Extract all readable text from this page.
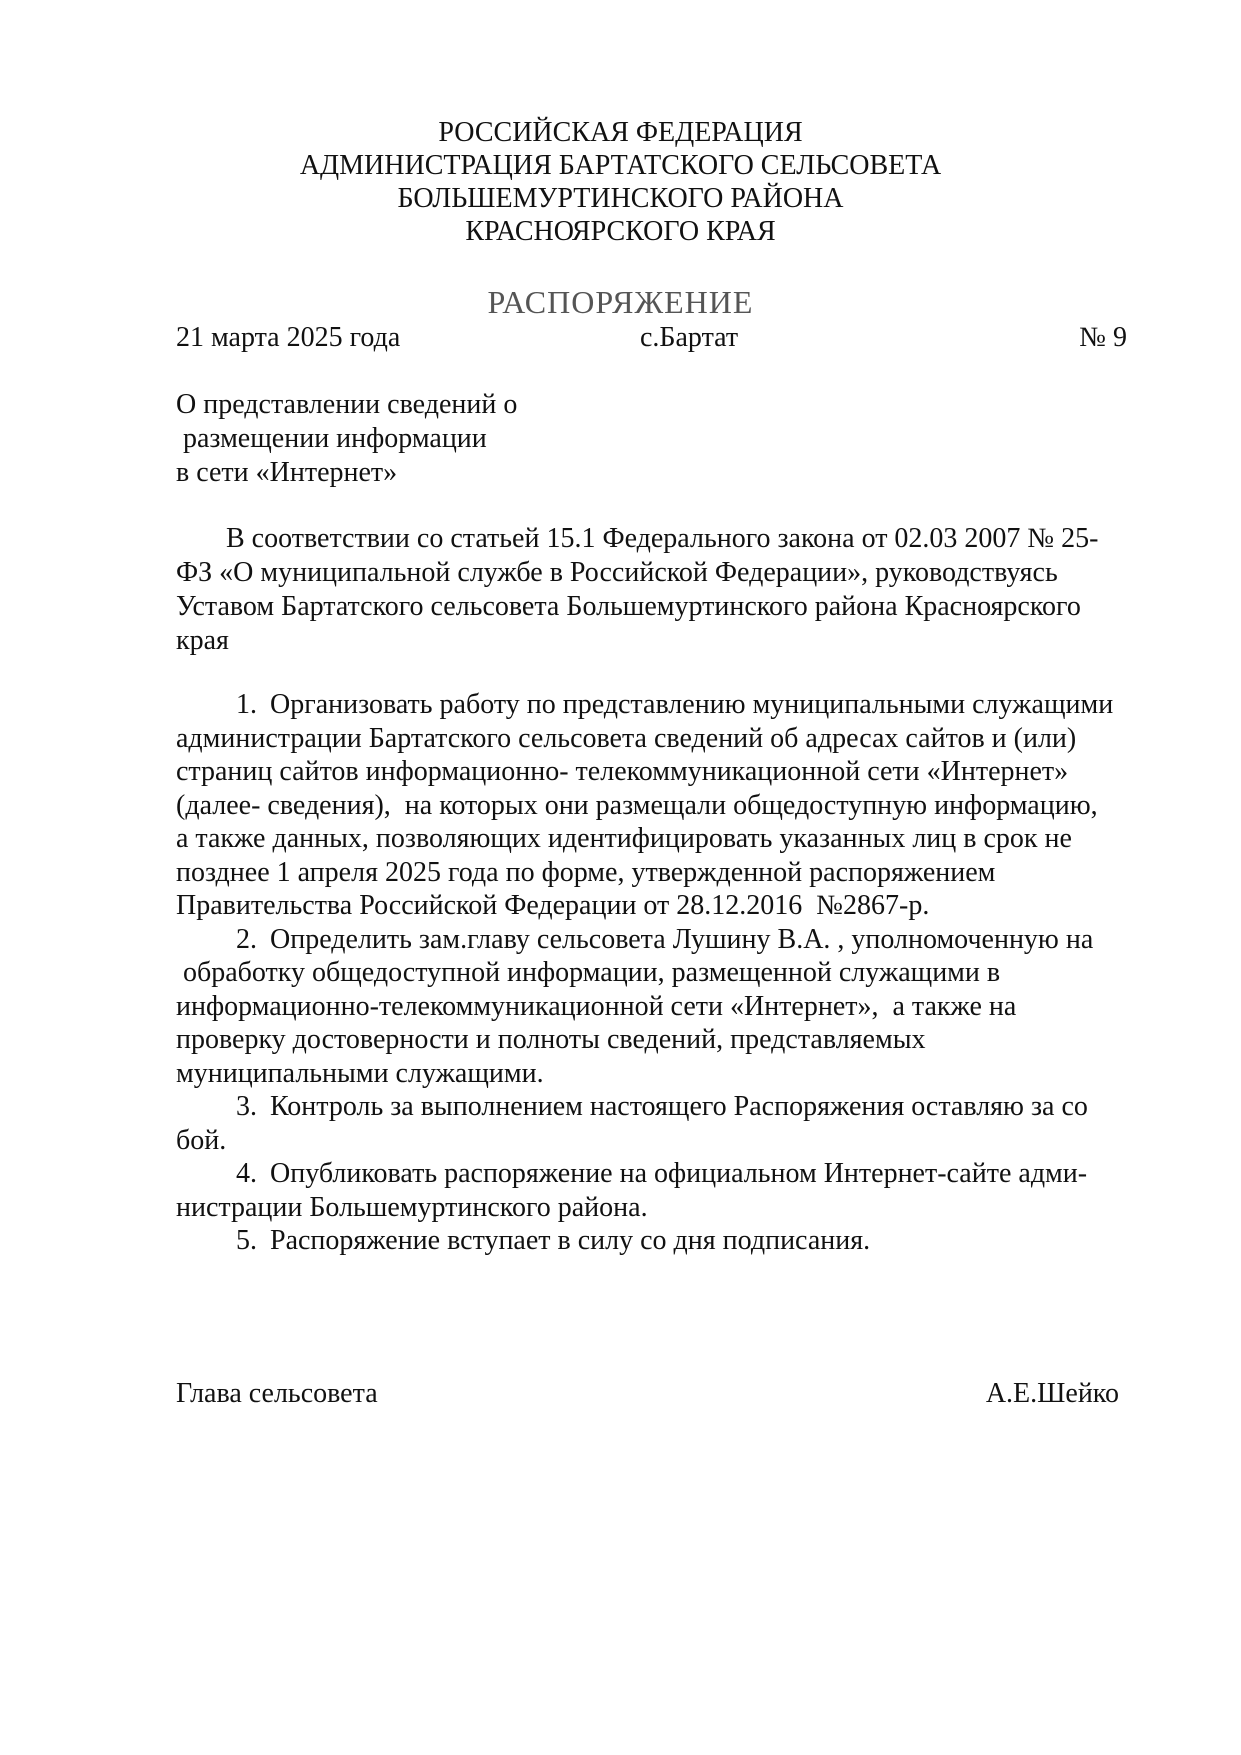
РОССИЙСКАЯ ФЕДЕРАЦИЯ
АДМИНИСТРАЦИЯ БАРТАТСКОГО СЕЛЬСОВЕТА
БОЛЬШЕМУРТИНСКОГО РАЙОНА
КРАСНОЯРСКОГО КРАЯ
РАСПОРЯЖЕНИЕ
21 марта 2025 года	с.Бартат	№ 9
О представлении сведений о
размещении информации
в сети «Интернет»
В соответствии со статьей 15.1 Федерального закона от 02.03 2007 № 25-
ФЗ «О муниципальной службе в Российской Федерации», руководствуясь
Уставом Бартатского сельсовета Большемуртинского района Красноярского
края
1. Организовать работу по представлению муниципальными служащими
администрации Бартатского сельсовета сведений об адресах сайтов и (или)
страниц сайтов информационно- телекоммуникационной сети «Интернет»
(далее- сведения),  на которых они размещали общедоступную информацию,
а также данных, позволяющих идентифицировать указанных лиц в срок не
позднее 1 апреля 2025 года по форме, утвержденной распоряжением
Правительства Российской Федерации от 28.12.2016  №2867-р.
2. Определить зам.главу сельсовета Лушину В.А. , уполномоченную на
обработку общедоступной информации, размещенной служащими в
информационно-телекоммуникационной сети «Интернет»,  а также на
проверку достоверности и полноты сведений, представляемых
муниципальными служащими.
3. Контроль за выполнением настоящего Распоряжения оставляю за со
бой.
4. Опубликовать распоряжение на официальном Интернет-сайте адми-
нистрации Большемуртинского района.
5. Распоряжение вступает в силу со дня подписания.
Глава сельсовета	А.Е.Шейко
